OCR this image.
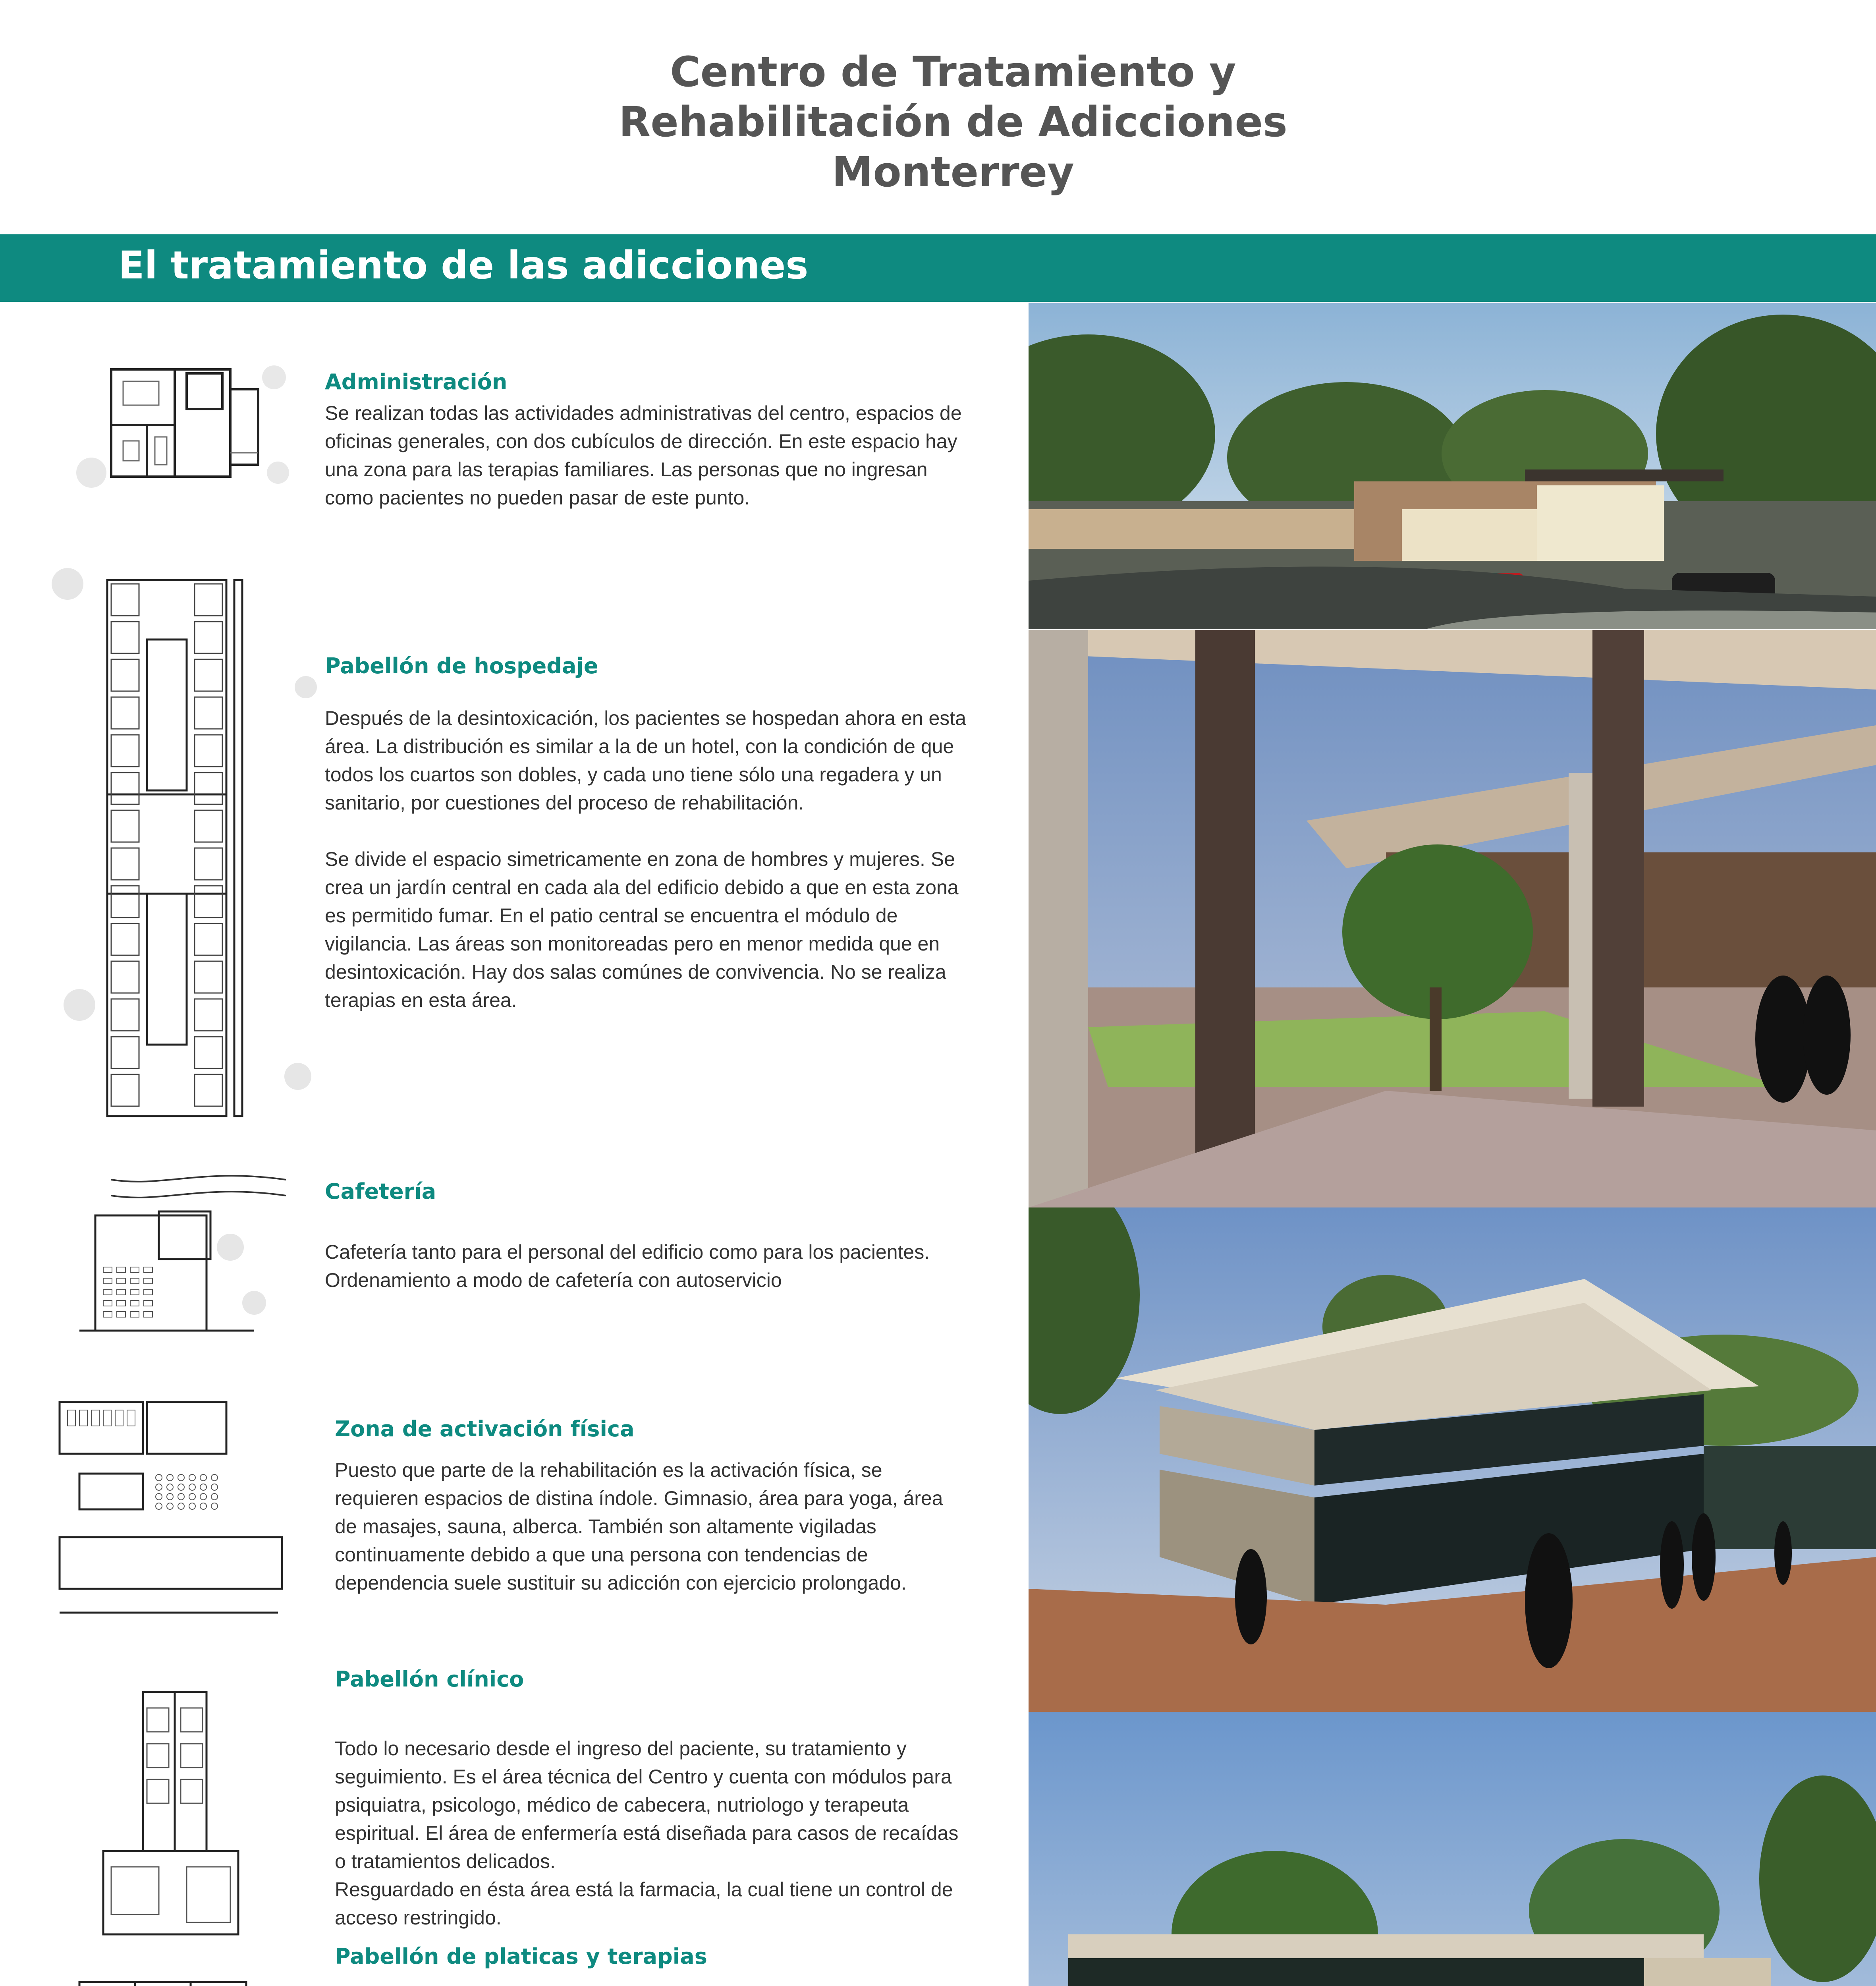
Centro de Tratamiento y
Rehabilitación de Adicciones
Monterrey
El tratamiento de las adicciones
Administración

Se realizan todas las actividades administrativas del centro, espacios de oficinas generales, con dos cubículos de dirección. En este espacio hay una zona para las terapias familiares. Las personas que no ingresan como pacientes no pueden pasar de este punto.

Pabellón de hospedaje

Después de la desintoxicación, los pacientes se hospedan ahora en esta área. La distribución es similar a la de un hotel, con la condición de que todos los cuartos son dobles, y cada uno tiene sólo una regadera y un sanitario, por cuestiones del proceso de rehabilitación.

Se divide el espacio simetricamente en zona de hombres y mujeres. Se crea un jardín central en cada ala del edificio debido a que en esta zona es permitido fumar. En el patio central se encuentra el módulo de vigilancia. Las áreas son monitoreadas pero en menor medida que en desintoxicación. Hay dos salas comúnes de convivencia. No se realiza terapias en esta área.

Cafetería

Cafetería tanto para el personal del edificio como para los pacientes.
Ordenamiento a modo de cafetería con autoservicio

Zona de activación física

Puesto que parte de la rehabilitación es la activación física, se requieren espacios de distina índole. Gimnasio, área para yoga, área de masajes, sauna, alberca. También son altamente vigiladas continuamente debido a que una persona con tendencias de dependencia suele sustituir su adicción con ejercicio prolongado.

Pabellón clínico

Todo lo necesario desde el ingreso del paciente, su tratamiento y seguimiento. Es el área técnica del Centro y cuenta con módulos para psiquiatra, psicologo, médico de cabecera, nutriologo y terapeuta espiritual. El área de enfermería está diseñada para casos de recaídas o tratamientos delicados.
Resguardado en ésta área está la farmacia, la cual tiene un control de acceso restringido.

Pabellón de platicas y terapias
